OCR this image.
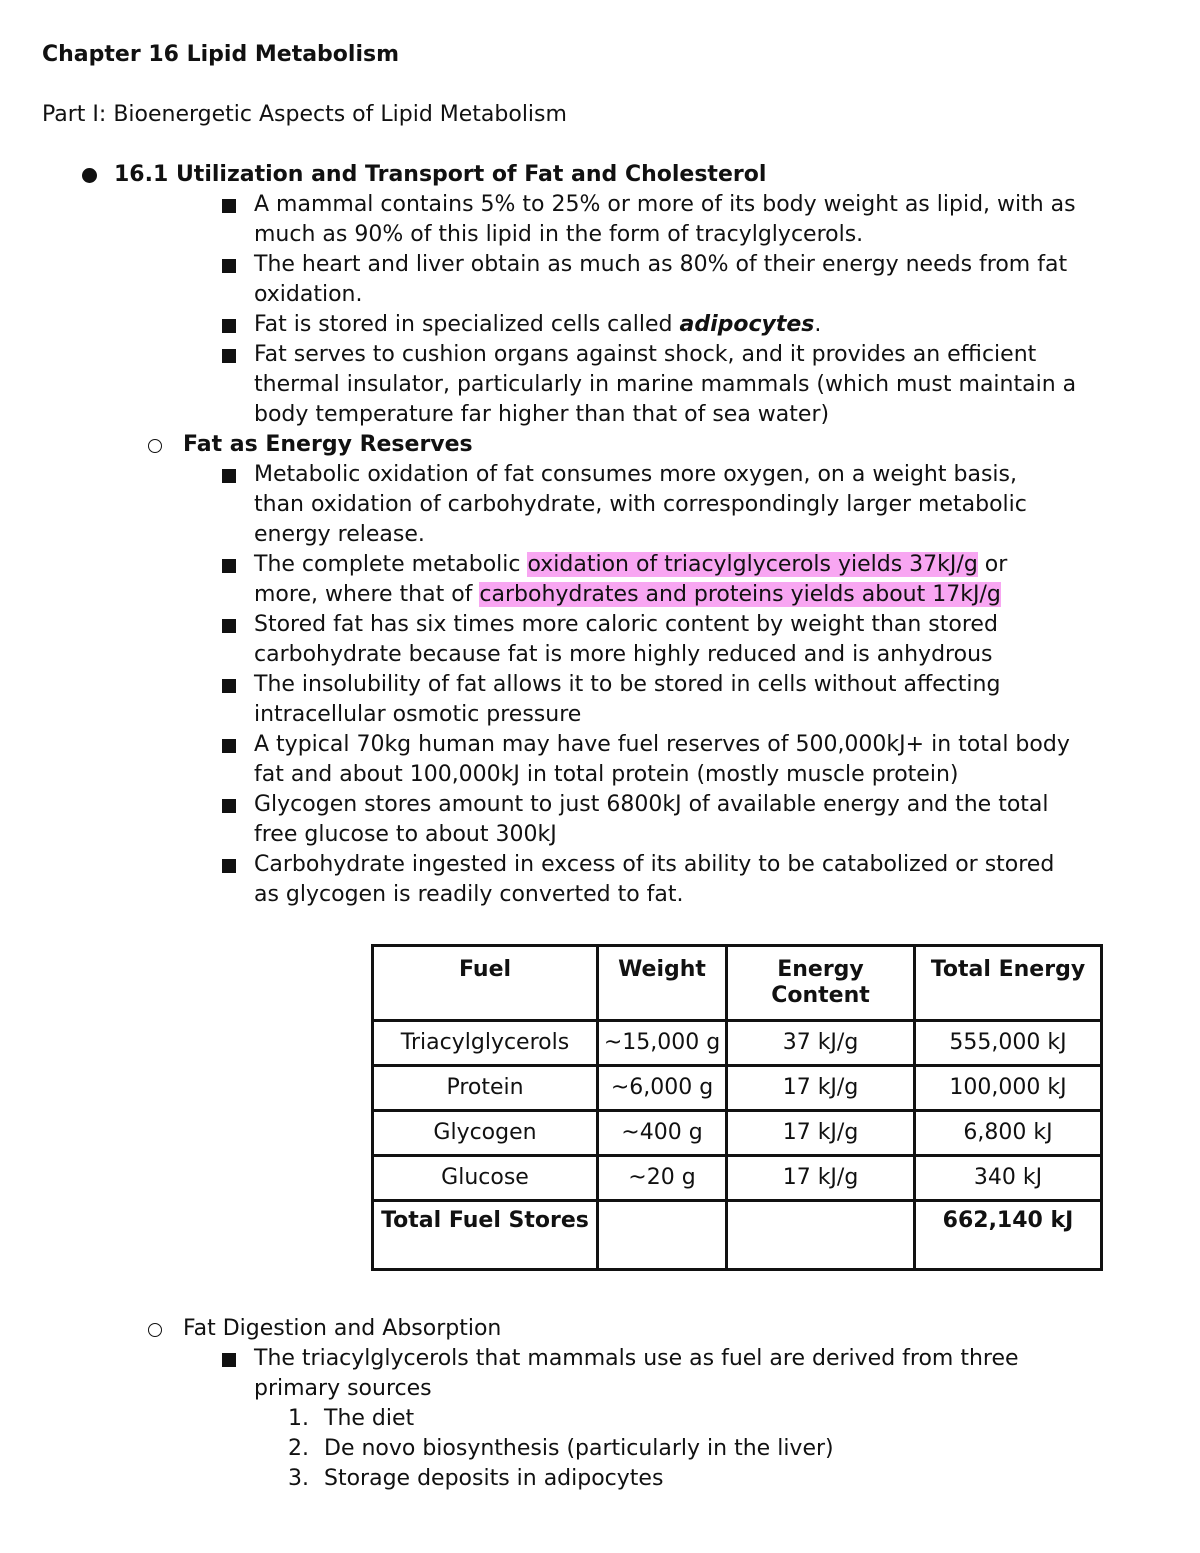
Chapter 16 Lipid Metabolism
Part I: Bioenergetic Aspects of Lipid Metabolism
16.1 Utilization and Transport of Fat and Cholesterol
A mammal contains 5% to 25% or more of its body weight as lipid, with as
much as 90% of this lipid in the form of tracylglycerols.
The heart and liver obtain as much as 80% of their energy needs from fat
oxidation.
Fat is stored in specialized cells called adipocytes.
Fat serves to cushion organs against shock, and it provides an efficient
thermal insulator, particularly in marine mammals (which must maintain a
body temperature far higher than that of sea water)
Fat as Energy Reserves
Metabolic oxidation of fat consumes more oxygen, on a weight basis,
than oxidation of carbohydrate, with correspondingly larger metabolic
energy release.
The complete metabolic oxidation of triacylglycerols yields 37kJ/g or
more, where that of carbohydrates and proteins yields about 17kJ/g
Stored fat has six times more caloric content by weight than stored
carbohydrate because fat is more highly reduced and is anhydrous
The insolubility of fat allows it to be stored in cells without affecting
intracellular osmotic pressure
A typical 70kg human may have fuel reserves of 500,000kJ+ in total body
fat and about 100,000kJ in total protein (mostly muscle protein)
Glycogen stores amount to just 6800kJ of available energy and the total
free glucose to about 300kJ
Carbohydrate ingested in excess of its ability to be catabolized or stored
as glycogen is readily converted to fat.
Fuel	Weight	Energy Content	Total Energy
Triacylglycerols	~15,000 g	37 kJ/g	555,000 kJ
Protein	~6,000 g	17 kJ/g	100,000 kJ
Glycogen	~400 g	17 kJ/g	6,800 kJ
Glucose	~20 g	17 kJ/g	340 kJ
Total Fuel Stores			662,140 kJ
Fat Digestion and Absorption
The triacylglycerols that mammals use as fuel are derived from three
primary sources
1. The diet
2. De novo biosynthesis (particularly in the liver)
3. Storage deposits in adipocytes
